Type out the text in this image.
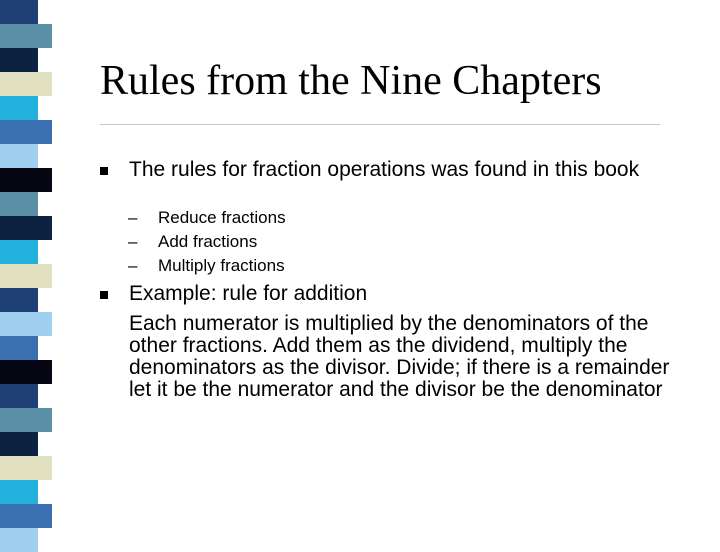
Rules from the Nine Chapters
The rules for fraction operations was found in this book
– Reduce fractions
– Add fractions
– Multiply fractions
Example: rule for addition
Each numerator is multiplied by the denominators of the other fractions. Add them as the dividend, multiply the denominators as the divisor. Divide; if there is a remainder let it be the numerator and the divisor be the denominator
